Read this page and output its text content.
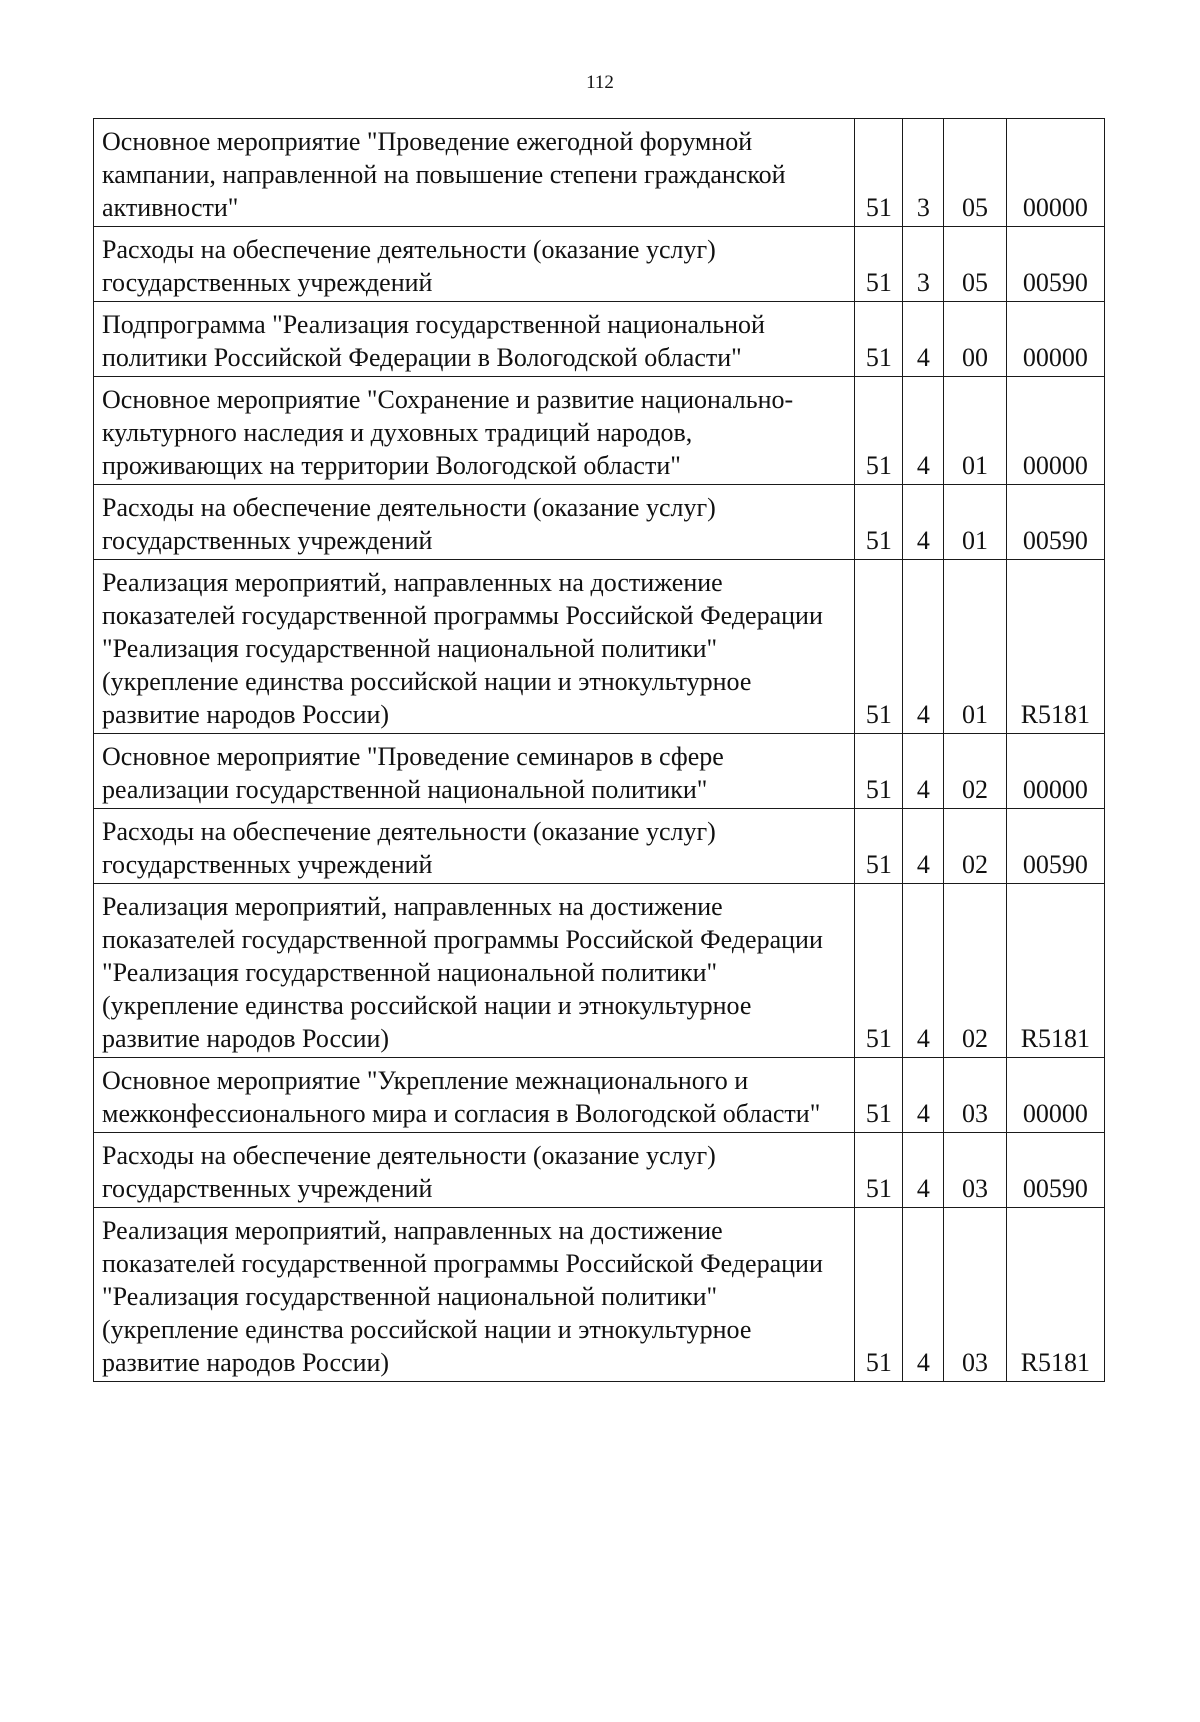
112
Основное мероприятие "Проведение ежегодной форумной кампании, направленной на повышение степени гражданской активности"	51	3	05	00000
Расходы на обеспечение деятельности (оказание услуг) государственных учреждений	51	3	05	00590
Подпрограмма "Реализация государственной национальной политики Российской Федерации в Вологодской области"	51	4	00	00000
Основное мероприятие "Сохранение и развитие национально-культурного наследия и духовных традиций народов, проживающих на территории Вологодской области"	51	4	01	00000
Расходы на обеспечение деятельности (оказание услуг) государственных учреждений	51	4	01	00590
Реализация мероприятий, направленных на достижение показателей государственной программы Российской Федерации "Реализация государственной национальной политики" (укрепление единства российской нации и этнокультурное развитие народов России)	51	4	01	R5181
Основное мероприятие "Проведение семинаров в сфере реализации государственной национальной политики"	51	4	02	00000
Расходы на обеспечение деятельности (оказание услуг) государственных учреждений	51	4	02	00590
Реализация мероприятий, направленных на достижение показателей государственной программы Российской Федерации "Реализация государственной национальной политики" (укрепление единства российской нации и этнокультурное развитие народов России)	51	4	02	R5181
Основное мероприятие "Укрепление межнационального и межконфессионального мира и согласия в Вологодской области"	51	4	03	00000
Расходы на обеспечение деятельности (оказание услуг) государственных учреждений	51	4	03	00590
Реализация мероприятий, направленных на достижение показателей государственной программы Российской Федерации "Реализация государственной национальной политики" (укрепление единства российской нации и этнокультурное развитие народов России)	51	4	03	R5181
